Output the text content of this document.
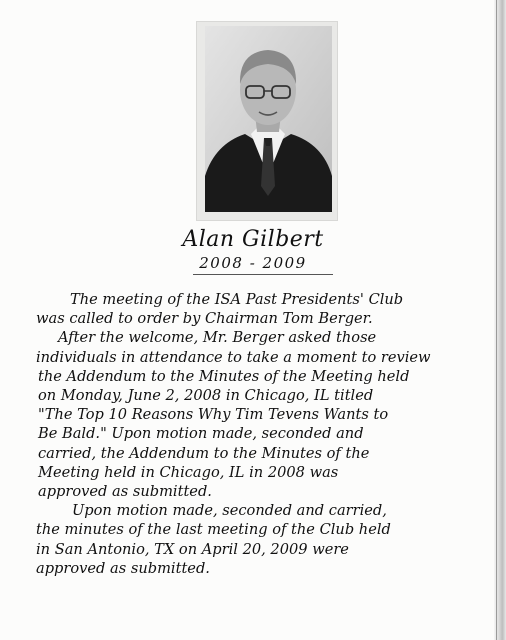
Alan Gilbert
2008 - 2009
The meeting of the ISA Past Presidents' Club
was called to order by Chairman Tom Berger.
After the welcome, Mr. Berger asked those
individuals in attendance to take a moment to review
the Addendum to the Minutes of the Meeting held
on Monday, June 2, 2008 in Chicago, IL titled
"The Top 10 Reasons Why Tim Tevens Wants to
Be Bald." Upon motion made, seconded and
carried, the Addendum to the Minutes of the
Meeting held in Chicago, IL in 2008 was
approved as submitted.
Upon motion made, seconded and carried,
the minutes of the last meeting of the Club held
in San Antonio, TX on April 20, 2009 were
approved as submitted.
